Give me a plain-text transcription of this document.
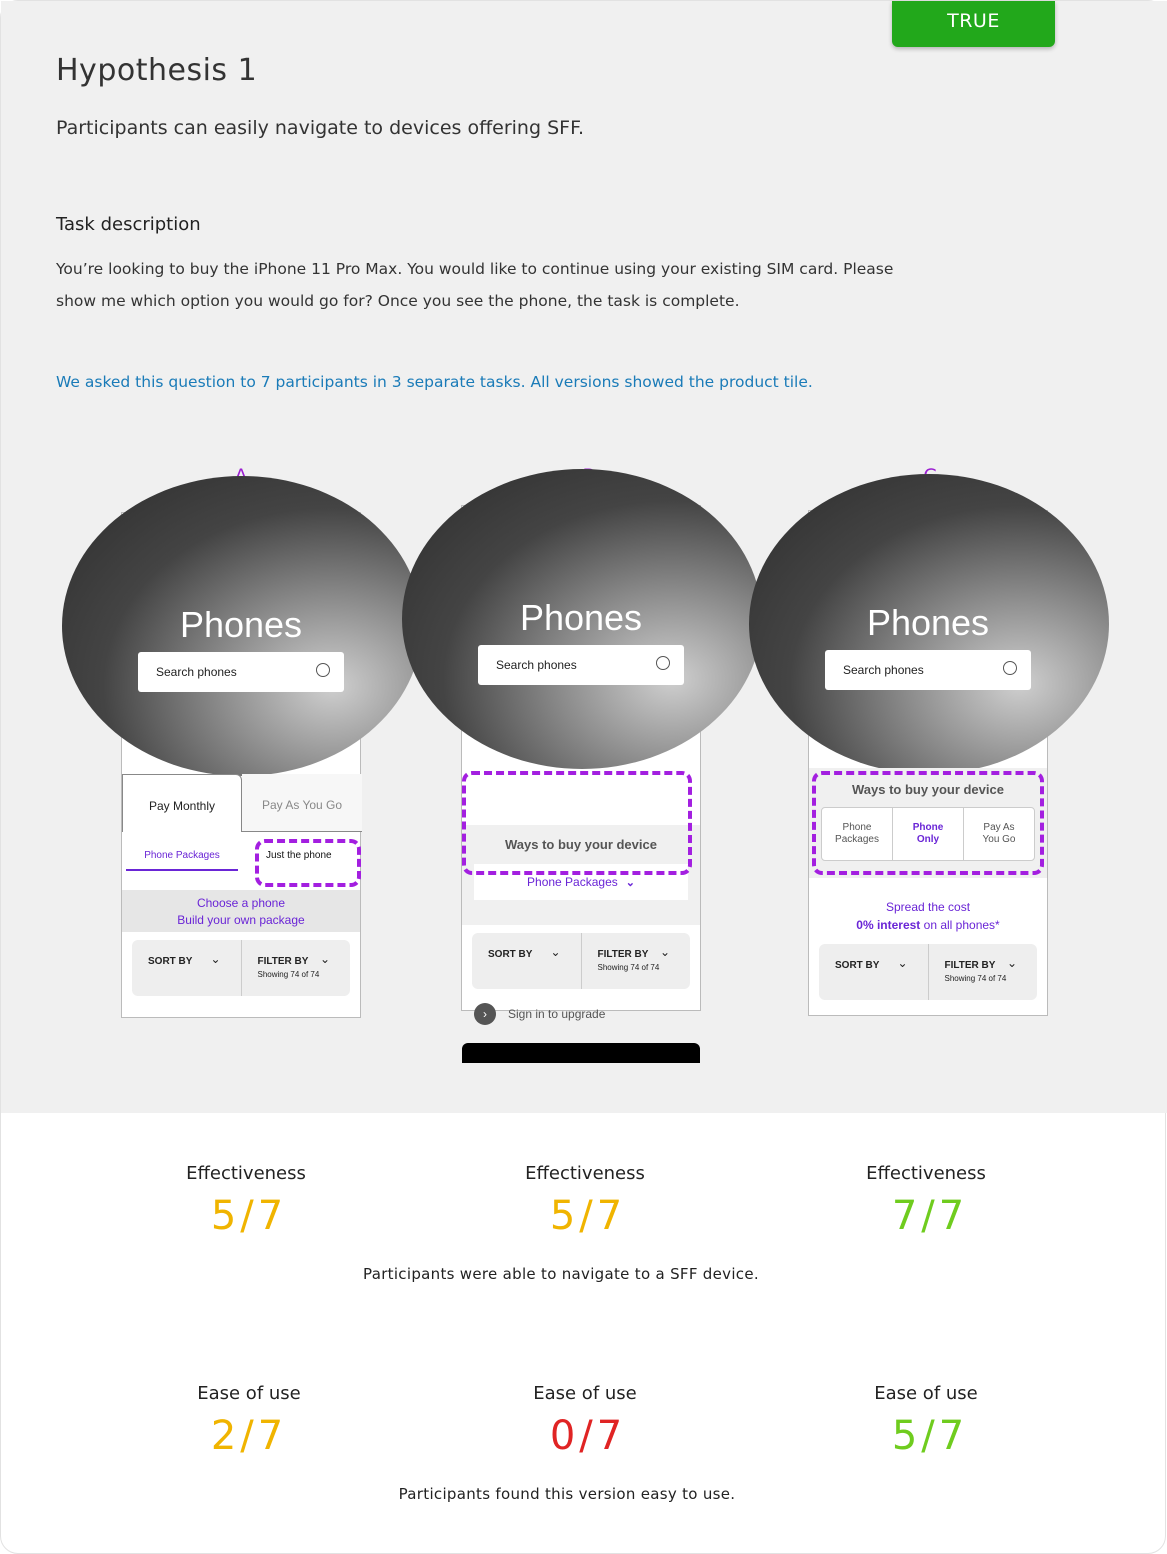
TRUE
Hypothesis 1

Participants can easily navigate to devices offering SFF.

Task description

You’re looking to buy the iPhone 11 Pro Max. You would like to continue using your existing SIM card. Please show me which option you would go for? Once you see the phone, the task is complete.

We asked this question to 7 participants in 3 separate tasks. All versions showed the product tile.

Phones
Search phones
Pay Monthly	Pay As You Go
Phone Packages	Just the phone
Choose a phone
Build your own package
SORT BY ⌄	FILTER BY ⌄
Showing 74 of 74
Phones
Search phones
Ways to buy your device
Phone Packages ⌄
SORT BY ⌄	FILTER BY ⌄
Showing 74 of 74
›	Sign in to upgrade
Phones
Search phones
Ways to buy your device
Phone
Packages
Phone
Only
Pay As
You Go
Spread the cost
0% interest on all phones*
SORT BY ⌄	FILTER BY ⌄
Showing 74 of 74
Effectiveness	Effectiveness	Effectiveness
5/7	5/7	7/7
Participants were able to navigate to a SFF device.
Ease of use	Ease of use	Ease of use
2/7	0/7	5/7
Participants found this version easy to use.
